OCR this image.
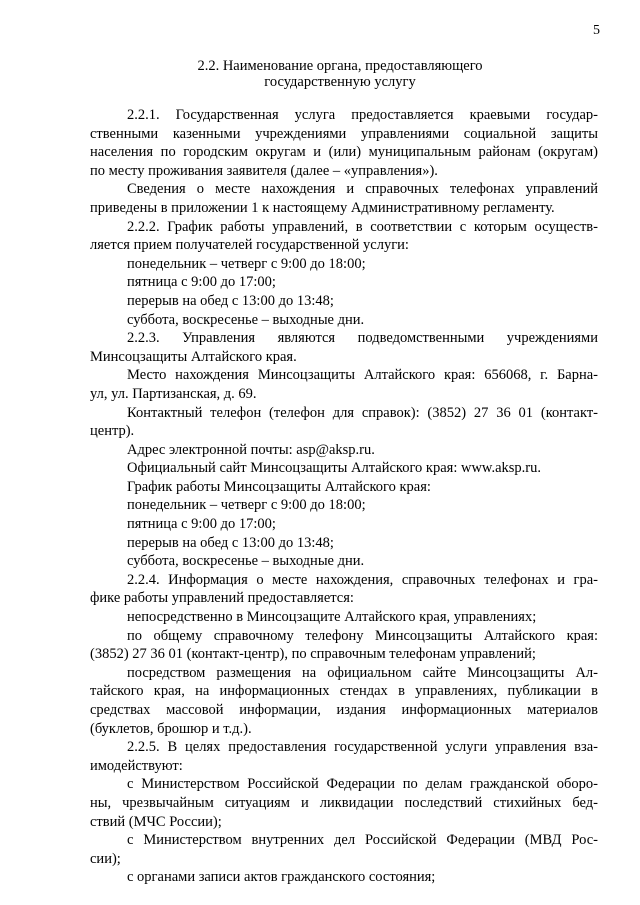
5
2.2. Наименование органа, предоставляющего
государственную услугу
2.2.1. Государственная услуга предоставляется краевыми государ-
ственными казенными учреждениями управлениями социальной защиты
населения по городским округам и (или) муниципальным районам (округам)
по месту проживания заявителя (далее – «управления»).
Сведения о месте нахождения и справочных телефонах управлений
приведены в приложении 1 к настоящему Административному регламенту.
2.2.2. График работы управлений, в соответствии с которым осуществ-
ляется прием получателей государственной услуги:
понедельник – четверг с 9:00 до 18:00;
пятница с 9:00 до 17:00;
перерыв на обед с 13:00 до 13:48;
суббота, воскресенье – выходные дни.
2.2.3. Управления являются подведомственными учреждениями
Минсоцзащиты Алтайского края.
Место нахождения Минсоцзащиты Алтайского края: 656068, г. Барна-
ул, ул. Партизанская, д. 69.
Контактный телефон (телефон для справок): (3852) 27 36 01 (контакт-
центр).
Адрес электронной почты: asp@aksp.ru.
Официальный сайт Минсоцзащиты Алтайского края: www.aksp.ru.
График работы Минсоцзащиты Алтайского края:
понедельник – четверг с 9:00 до 18:00;
пятница с 9:00 до 17:00;
перерыв на обед с 13:00 до 13:48;
суббота, воскресенье – выходные дни.
2.2.4. Информация о месте нахождения, справочных телефонах и гра-
фике работы управлений предоставляется:
непосредственно в Минсоцзащите Алтайского края, управлениях;
по общему справочному телефону Минсоцзащиты Алтайского края:
(3852) 27 36 01 (контакт-центр), по справочным телефонам управлений;
посредством размещения на официальном сайте Минсоцзащиты Ал-
тайского края, на информационных стендах в управлениях, публикации в
средствах массовой информации, издания информационных материалов
(буклетов, брошюр и т.д.).
2.2.5. В целях предоставления государственной услуги управления вза-
имодействуют:
с Министерством Российской Федерации по делам гражданской оборо-
ны, чрезвычайным ситуациям и ликвидации последствий стихийных бед-
ствий (МЧС России);
с Министерством внутренних дел Российской Федерации (МВД Рос-
сии);
с органами записи актов гражданского состояния;
